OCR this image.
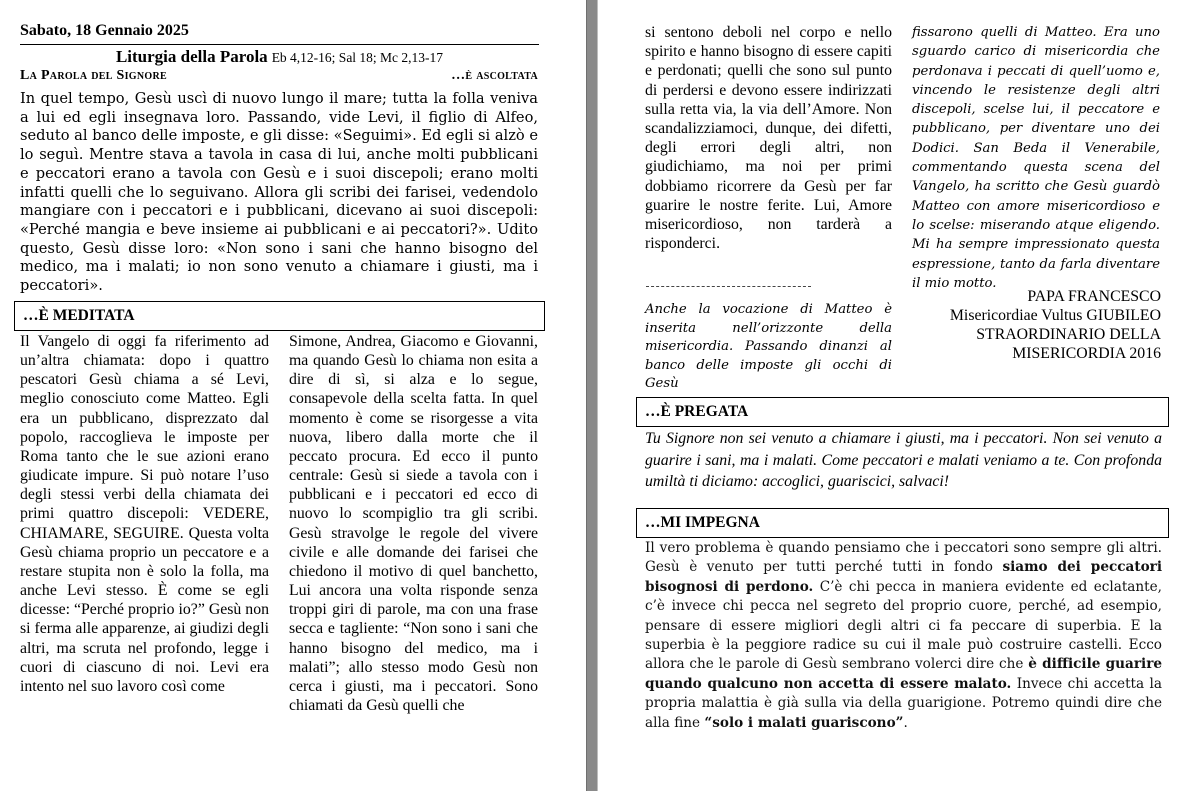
Sabato, 18 Gennaio 2025
Liturgia della Parola Eb 4,12-16; Sal 18; Mc 2,13-17
La Parola del Signore	…è ascoltata

In quel tempo, Gesù uscì di nuovo lungo il mare; tutta la folla veniva a lui ed egli insegnava loro. Passando, vide Levi, il figlio di Alfeo, seduto al banco delle imposte, e gli disse: «Seguimi». Ed egli si alzò e lo seguì. Mentre stava a tavola in casa di lui, anche molti pubblicani e peccatori erano a tavola con Gesù e i suoi discepoli; erano molti infatti quelli che lo seguivano. Allora gli scribi dei farisei, vedendolo mangiare con i peccatori e i pubblicani, dicevano ai suoi discepoli: «Perché mangia e beve insieme ai pubblicani e ai peccatori?». Udito questo, Gesù disse loro: «Non sono i sani che hanno bisogno del medico, ma i malati; io non sono venuto a chiamare i giusti, ma i peccatori».

…È MEDITATA

Il Vangelo di oggi fa riferimento ad un’altra chiamata: dopo i quattro pescatori Gesù chiama a sé Levi, meglio conosciuto come Matteo. Egli era un pubblicano, disprezzato dal popolo, raccoglieva le imposte per Roma tanto che le sue azioni erano giudicate impure. Si può notare l’uso degli stessi verbi della chiamata dei primi quattro discepoli: VEDERE, CHIAMARE, SEGUIRE. Questa volta Gesù chiama proprio un peccatore e a restare stupita non è solo la folla, ma anche Levi stesso. È come se egli dicesse: “Perché proprio io?” Gesù non si ferma alle apparenze, ai giudizi degli altri, ma scruta nel profondo, legge i cuori di ciascuno di noi. Levi era intento nel suo lavoro così come

Simone, Andrea, Giacomo e Giovanni, ma quando Gesù lo chiama non esita a dire di sì, si alza e lo segue, consapevole della scelta fatta. In quel momento è come se risorgesse a vita nuova, libero dalla morte che il peccato procura. Ed ecco il punto centrale: Gesù si siede a tavola con i pubblicani e i peccatori ed ecco di nuovo lo scompiglio tra gli scribi. Gesù stravolge le regole del vivere civile e alle domande dei farisei che chiedono il motivo di quel banchetto, Lui ancora una volta risponde senza troppi giri di parole, ma con una frase secca e tagliente: “Non sono i sani che hanno bisogno del medico, ma i malati”; allo stesso modo Gesù non cerca i giusti, ma i peccatori. Sono chiamati da Gesù quelli che

si sentono deboli nel corpo e nello spirito e hanno bisogno di essere capiti e perdonati; quelli che sono sul punto di perdersi e devono essere indirizzati sulla retta via, la via dell’Amore. Non scandalizziamoci, dunque, dei difetti, degli errori degli altri, non giudichiamo, ma noi per primi dobbiamo ricorrere da Gesù per far guarire le nostre ferite. Lui, Amore misericordioso, non tarderà a risponderci.

Anche la vocazione di Matteo è inserita nell’orizzonte della misericordia. Passando dinanzi al banco delle imposte gli occhi di Gesù

fissarono quelli di Matteo. Era uno sguardo carico di misericordia che perdonava i peccati di quell’uomo e, vincendo le resistenze degli altri discepoli, scelse lui, il peccatore e pubblicano, per diventare uno dei Dodici. San Beda il Venerabile, commentando questa scena del Vangelo, ha scritto che Gesù guardò Matteo con amore misericordioso e lo scelse: miserando atque eligendo. Mi ha sempre impressionato questa espressione, tanto da farla diventare il mio motto.

PAPA FRANCESCO
Misericordiae Vultus GIUBILEO
STRAORDINARIO DELLA
MISERICORDIA 2016
…È PREGATA

Tu Signore non sei venuto a chiamare i giusti, ma i peccatori. Non sei venuto a guarire i sani, ma i malati. Come peccatori e malati veniamo a te. Con profonda umiltà ti diciamo: accoglici, guariscici, salvaci!

…MI IMPEGNA

Il vero problema è quando pensiamo che i peccatori sono sempre gli altri. Gesù è venuto per tutti perché tutti in fondo siamo dei peccatori bisognosi di perdono. C’è chi pecca in maniera evidente ed eclatante, c’è invece chi pecca nel segreto del proprio cuore, perché, ad esempio, pensare di essere migliori degli altri ci fa peccare di superbia. E la superbia è la peggiore radice su cui il male può costruire castelli. Ecco allora che le parole di Gesù sembrano volerci dire che è difficile guarire quando qualcuno non accetta di essere malato. Invece chi accetta la propria malattia è già sulla via della guarigione. Potremo quindi dire che alla fine “solo i malati guariscono”.
